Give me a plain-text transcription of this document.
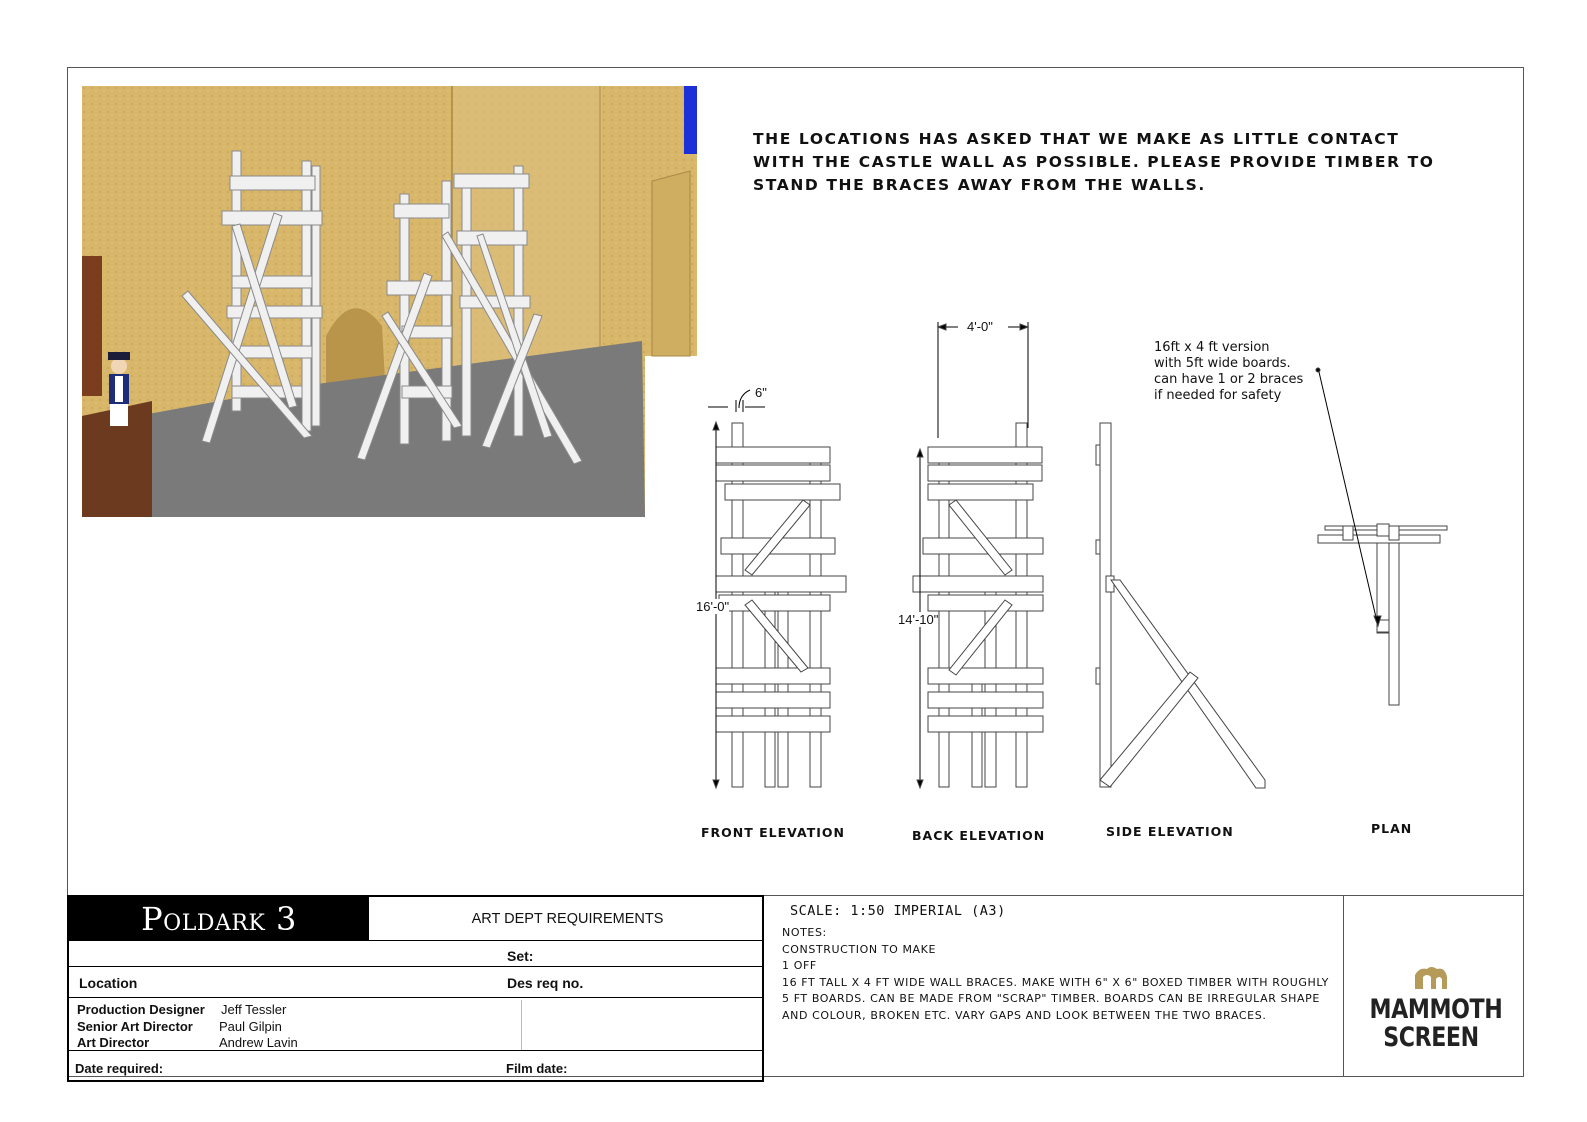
THE LOCATIONS HAS ASKED THAT WE MAKE AS LITTLE CONTACT
WITH THE CASTLE WALL AS POSSIBLE. PLEASE PROVIDE TIMBER TO
STAND THE BRACES AWAY FROM THE WALLS.
4'-0"
6"
16'-0"
14'-10"
16ft x 4 ft version
with 5ft wide boards.
can have 1 or 2 braces
if needed for safety
FRONT ELEVATION	BACK ELEVATION	SIDE ELEVATION	PLAN
Poldark 3	ART DEPT REQUIREMENTS
Set:
Location	Des req no.
Production Designer Jeff Tessler
Senior Art Director Paul Gilpin
Art Director	Andrew Lavin
Date required:	Film date:
SCALE: 1:50 IMPERIAL (A3)
NOTES:
CONSTRUCTION TO MAKE
1 OFF
16 FT TALL X 4 FT WIDE WALL BRACES. MAKE WITH 6" X 6" BOXED TIMBER WITH ROUGHLY 5 FT BOARDS. CAN BE MADE FROM "SCRAP" TIMBER. BOARDS CAN BE IRREGULAR SHAPE AND COLOUR, BROKEN ETC. VARY GAPS AND LOOK BETWEEN THE TWO BRACES.	MAMMOTH
SCREEN
